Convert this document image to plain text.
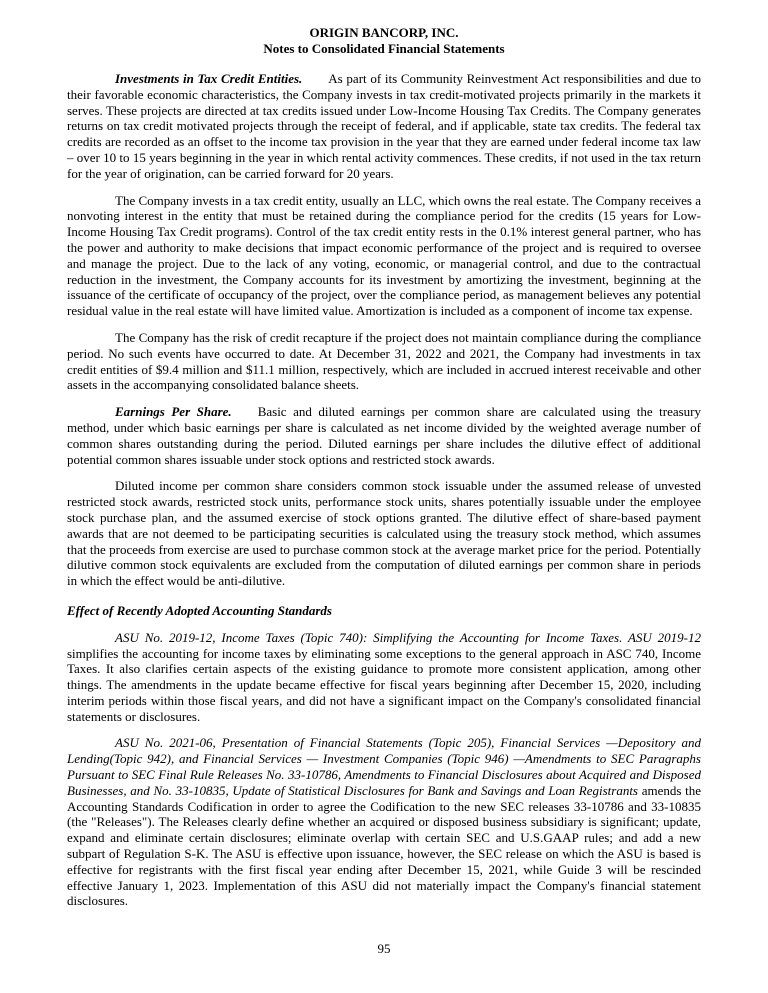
ORIGIN BANCORP, INC.
Notes to Consolidated Financial Statements

Investments in Tax Credit Entities. As part of its Community Reinvestment Act responsibilities and due to their favorable economic characteristics, the Company invests in tax credit-motivated projects primarily in the markets it serves. These projects are directed at tax credits issued under Low-Income Housing Tax Credits. The Company generates returns on tax credit motivated projects through the receipt of federal, and if applicable, state tax credits. The federal tax credits are recorded as an offset to the income tax provision in the year that they are earned under federal income tax law – over 10 to 15 years beginning in the year in which rental activity commences. These credits, if not used in the tax return for the year of origination, can be carried forward for 20 years.

The Company invests in a tax credit entity, usually an LLC, which owns the real estate. The Company receives a nonvoting interest in the entity that must be retained during the compliance period for the credits (15 years for Low-Income Housing Tax Credit programs). Control of the tax credit entity rests in the 0.1% interest general partner, who has the power and authority to make decisions that impact economic performance of the project and is required to oversee and manage the project. Due to the lack of any voting, economic, or managerial control, and due to the contractual reduction in the investment, the Company accounts for its investment by amortizing the investment, beginning at the issuance of the certificate of occupancy of the project, over the compliance period, as management believes any potential residual value in the real estate will have limited value. Amortization is included as a component of income tax expense.

The Company has the risk of credit recapture if the project does not maintain compliance during the compliance period. No such events have occurred to date. At December 31, 2022 and 2021, the Company had investments in tax credit entities of $9.4 million and $11.1 million, respectively, which are included in accrued interest receivable and other assets in the accompanying consolidated balance sheets.

Earnings Per Share. Basic and diluted earnings per common share are calculated using the treasury method, under which basic earnings per share is calculated as net income divided by the weighted average number of common shares outstanding during the period. Diluted earnings per share includes the dilutive effect of additional potential common shares issuable under stock options and restricted stock awards.

Diluted income per common share considers common stock issuable under the assumed release of unvested restricted stock awards, restricted stock units, performance stock units, shares potentially issuable under the employee stock purchase plan, and the assumed exercise of stock options granted. The dilutive effect of share-based payment awards that are not deemed to be participating securities is calculated using the treasury stock method, which assumes that the proceeds from exercise are used to purchase common stock at the average market price for the period. Potentially dilutive common stock equivalents are excluded from the computation of diluted earnings per common share in periods in which the effect would be anti-dilutive.

Effect of Recently Adopted Accounting Standards

ASU No. 2019-12, Income Taxes (Topic 740): Simplifying the Accounting for Income Taxes. ASU 2019-12 simplifies the accounting for income taxes by eliminating some exceptions to the general approach in ASC 740, Income Taxes. It also clarifies certain aspects of the existing guidance to promote more consistent application, among other things. The amendments in the update became effective for fiscal years beginning after December 15, 2020, including interim periods within those fiscal years, and did not have a significant impact on the Company's consolidated financial statements or disclosures.

ASU No. 2021-06, Presentation of Financial Statements (Topic 205), Financial Services —Depository and Lending(Topic 942), and Financial Services — Investment Companies (Topic 946) —Amendments to SEC Paragraphs Pursuant to SEC Final Rule Releases No. 33-10786, Amendments to Financial Disclosures about Acquired and Disposed Businesses, and No. 33-10835, Update of Statistical Disclosures for Bank and Savings and Loan Registrants amends the Accounting Standards Codification in order to agree the Codification to the new SEC releases 33-10786 and 33-10835 (the "Releases"). The Releases clearly define whether an acquired or disposed business subsidiary is significant; update, expand and eliminate certain disclosures; eliminate overlap with certain SEC and U.S.GAAP rules; and add a new subpart of Regulation S-K. The ASU is effective upon issuance, however, the SEC release on which the ASU is based is effective for registrants with the first fiscal year ending after December 15, 2021, while Guide 3 will be rescinded effective January 1, 2023. Implementation of this ASU did not materially impact the Company's financial statement disclosures.

95
